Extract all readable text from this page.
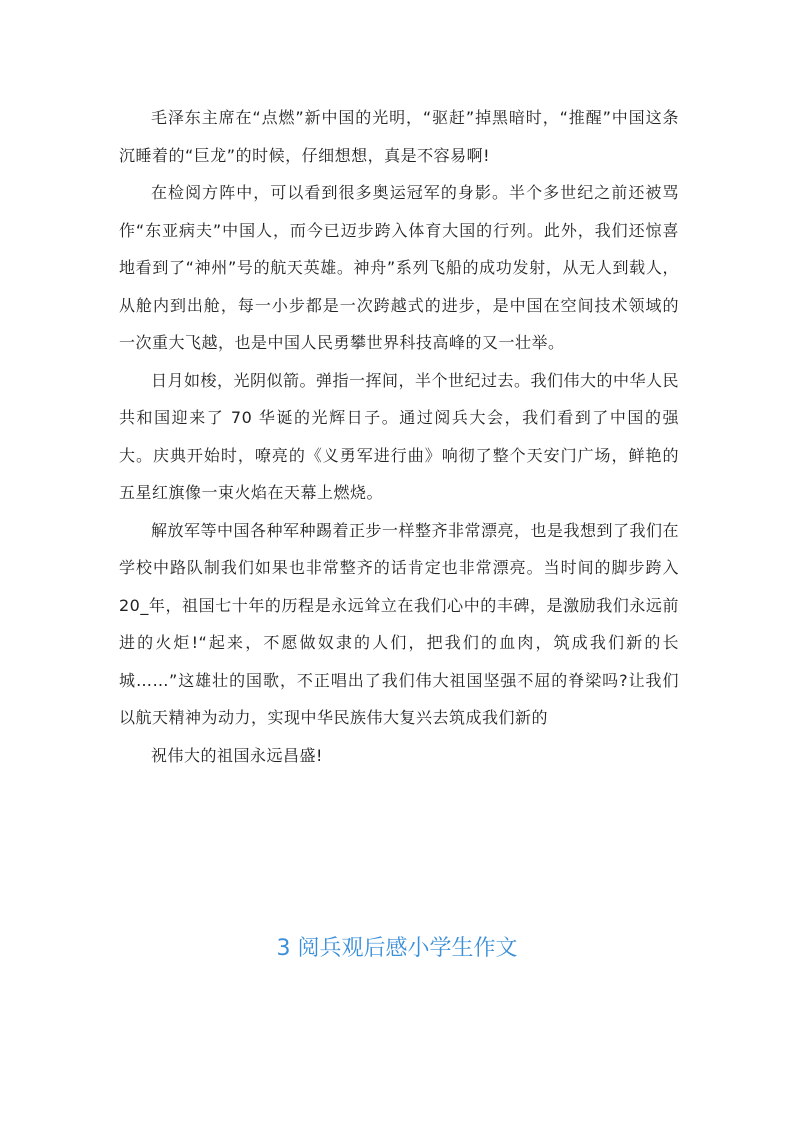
毛泽东主席在“点燃”新中国的光明，“驱赶”掉黑暗时，“推醒”中国这条沉睡着的“巨龙”的时候，仔细想想，真是不容易啊!

在检阅方阵中，可以看到很多奥运冠军的身影。半个多世纪之前还被骂作“东亚病夫”中国人，而今已迈步跨入体育大国的行列。此外，我们还惊喜地看到了“神州”号的航天英雄。神舟”系列飞船的成功发射，从无人到载人，从舱内到出舱，每一小步都是一次跨越式的进步，是中国在空间技术领域的一次重大飞越，也是中国人民勇攀世界科技高峰的又一壮举。

日月如梭，光阴似箭。弹指一挥间，半个世纪过去。我们伟大的中华人民共和国迎来了 70 华诞的光辉日子。通过阅兵大会，我们看到了中国的强大。庆典开始时，嘹亮的《义勇军进行曲》响彻了整个天安门广场，鲜艳的五星红旗像一束火焰在天幕上燃烧。

解放军等中国各种军种踢着正步一样整齐非常漂亮，也是我想到了我们在学校中路队制我们如果也非常整齐的话肯定也非常漂亮。当时间的脚步跨入 20_年，祖国七十年的历程是永远耸立在我们心中的丰碑，是激励我们永远前进的火炬!“起来，不愿做奴隶的人们，把我们的血肉，筑成我们新的长城……”这雄壮的国歌，不正唱出了我们伟大祖国坚强不屈的脊梁吗?让我们以航天精神为动力，实现中华民族伟大复兴去筑成我们新的

祝伟大的祖国永远昌盛!

3 阅兵观后感小学生作文
